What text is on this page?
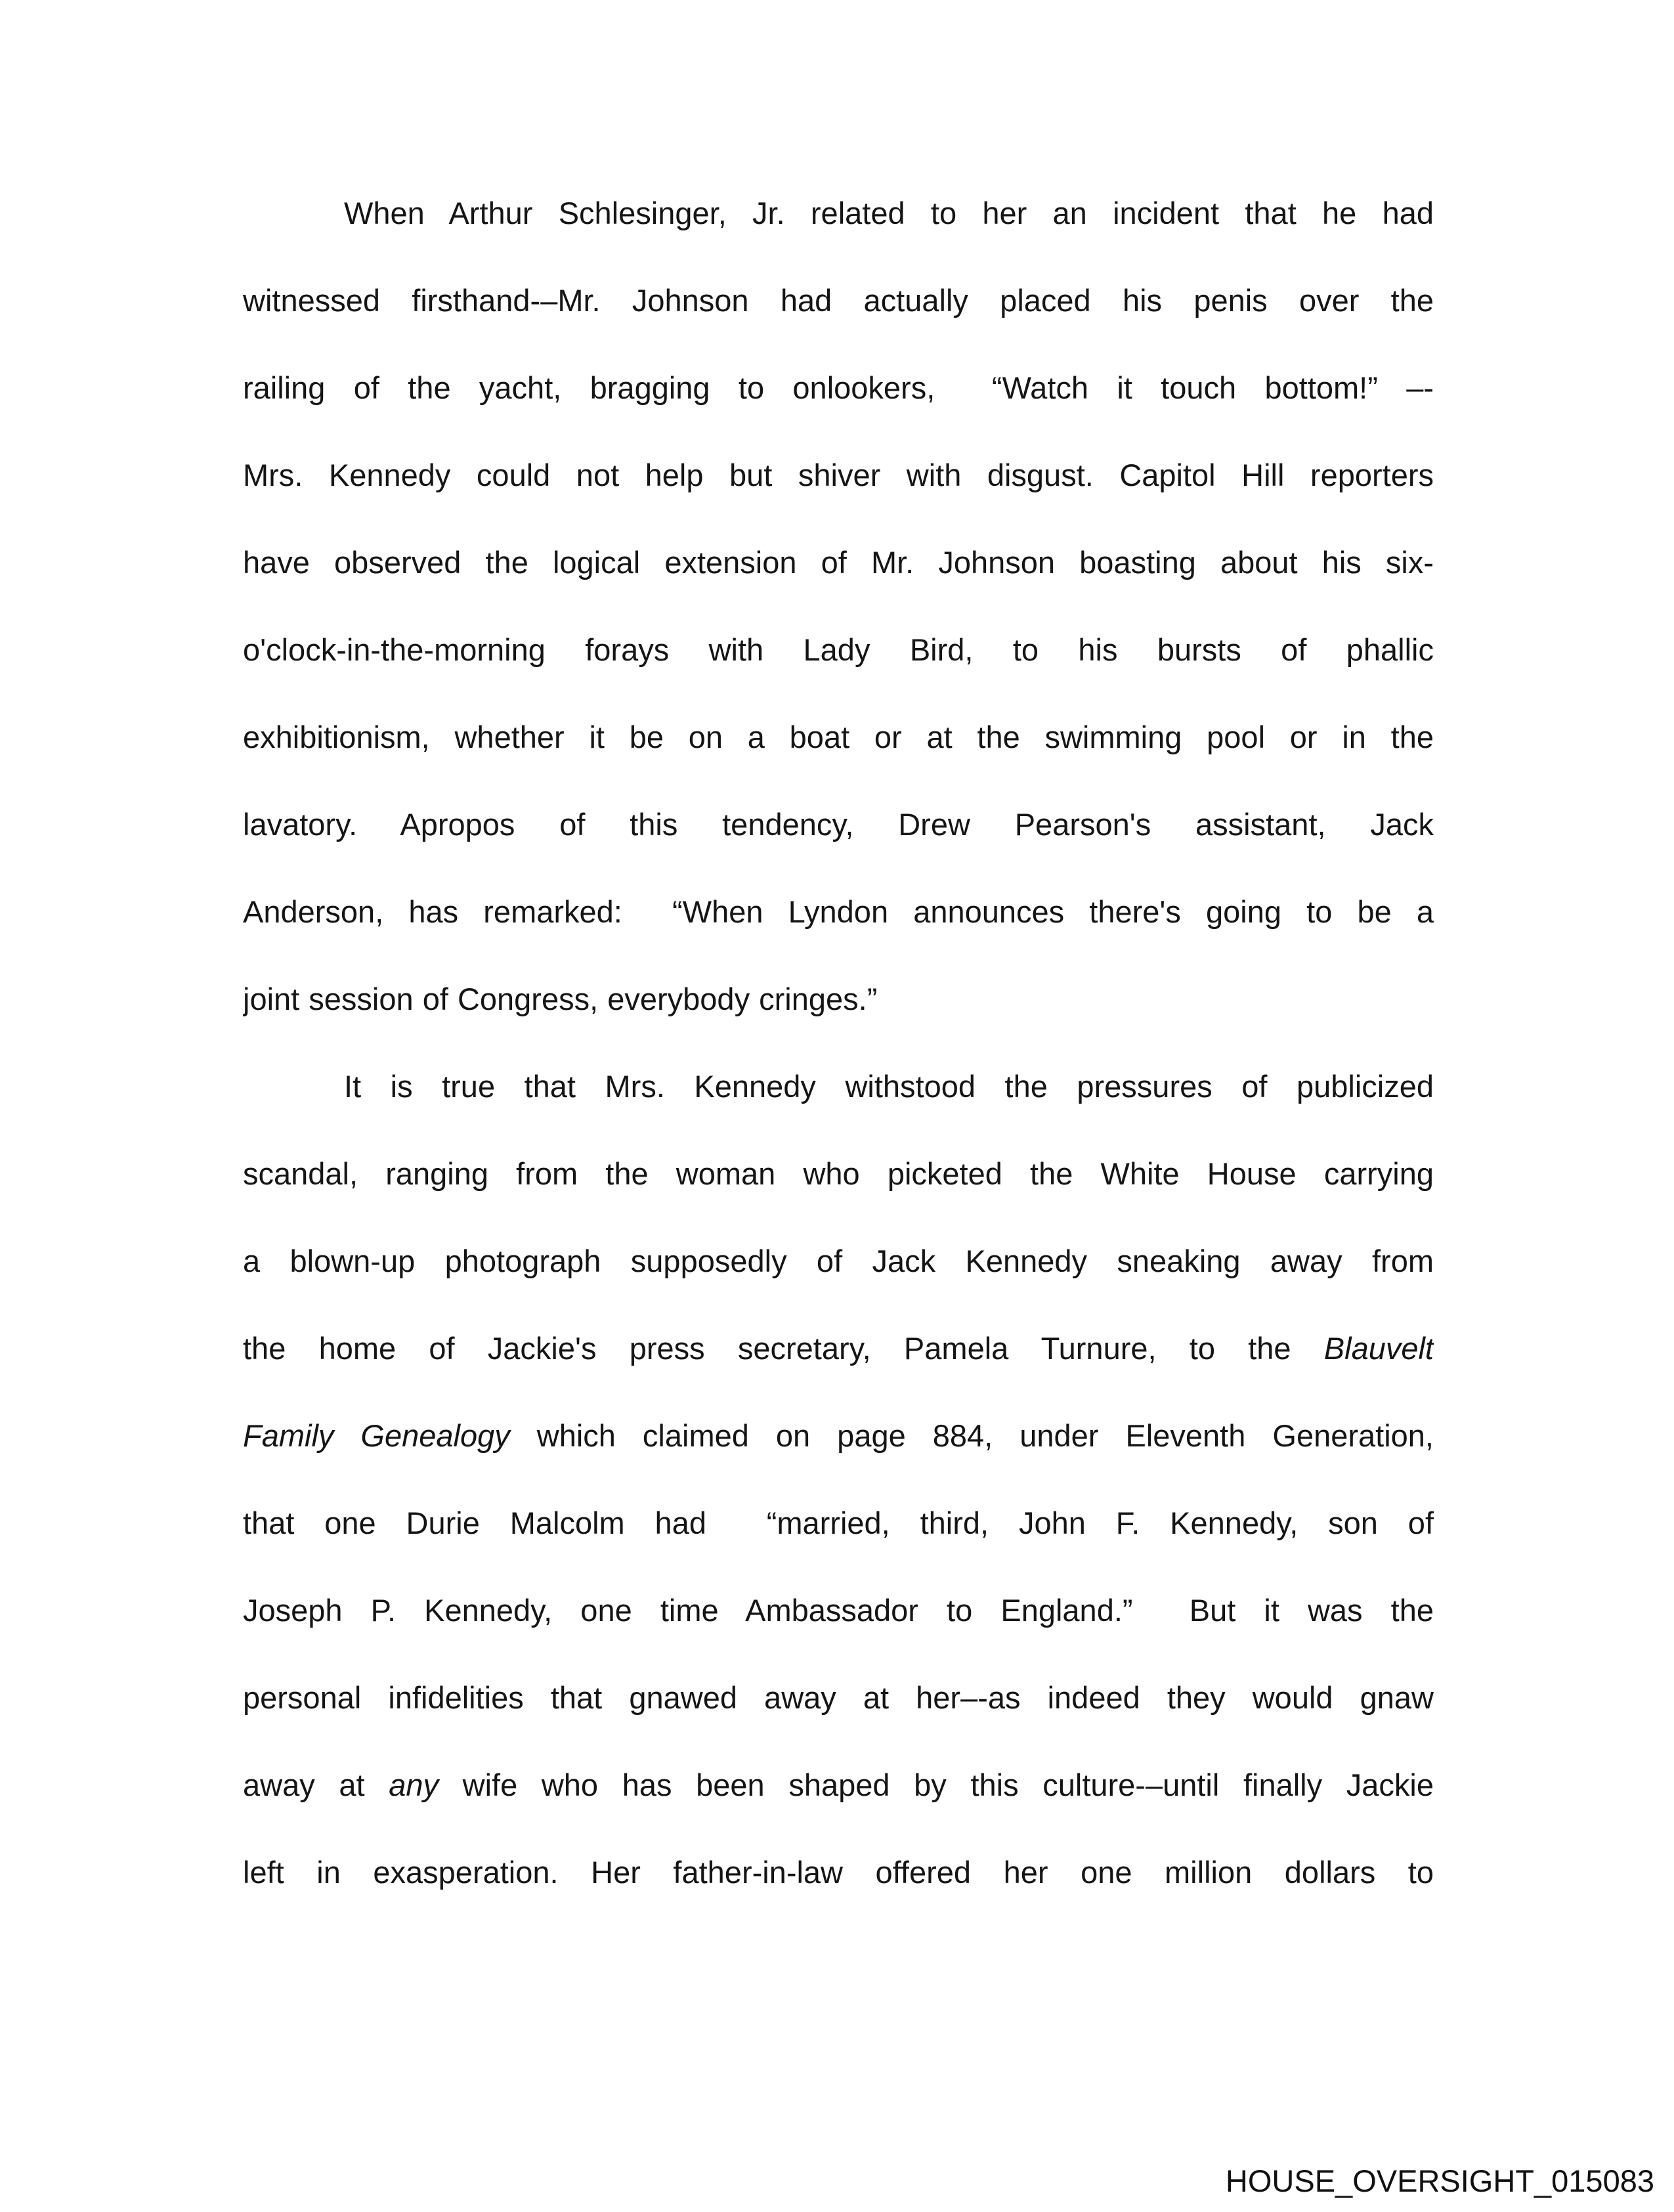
When Arthur Schlesinger, Jr. related to her an incident that he had
witnessed firsthand-–Mr. Johnson had actually placed his penis over the
railing of the yacht, bragging to onlookers,  “Watch it touch bottom!” –-
Mrs. Kennedy could not help but shiver with disgust. Capitol Hill reporters
have observed the logical extension of Mr. Johnson boasting about his six-
o'clock-in-the-morning forays with Lady Bird, to his bursts of phallic
exhibitionism, whether it be on a boat or at the swimming pool or in the
lavatory. Apropos of this tendency, Drew Pearson's assistant, Jack
Anderson, has remarked:  “When Lyndon announces there's going to be a
joint session of Congress, everybody cringes.”
It is true that Mrs. Kennedy withstood the pressures of publicized
scandal, ranging from the woman who picketed the White House carrying
a blown-up photograph supposedly of Jack Kennedy sneaking away from
the home of Jackie's press secretary, Pamela Turnure, to the Blauvelt
Family Genealogy which claimed on page 884, under Eleventh Generation,
that one Durie Malcolm had  “married, third, John F. Kennedy, son of
Joseph P. Kennedy, one time Ambassador to England.”  But it was the
personal infidelities that gnawed away at her–-as indeed they would gnaw
away at any wife who has been shaped by this culture-–until finally Jackie
left in exasperation. Her father-in-law offered her one million dollars to
HOUSE_OVERSIGHT_015083
